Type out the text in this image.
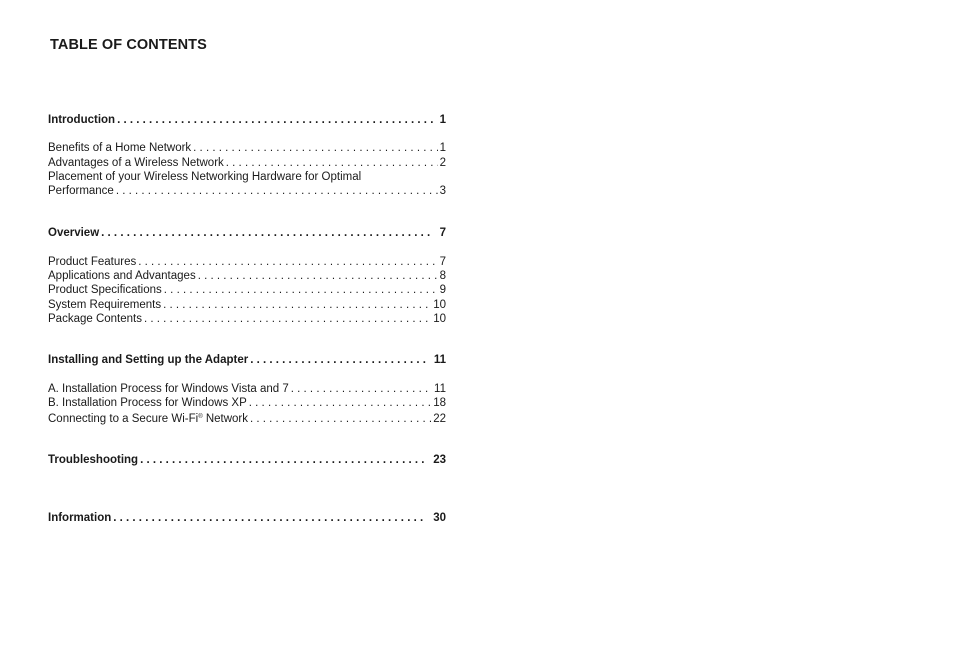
TABLE OF CONTENTS
Introduction . . .	1
Benefits of a Home Network . . .	1
Advantages of a Wireless Network . . .	2
Placement of your Wireless Networking Hardware for Optimal
Performance . . .	3
Overview . . .	7
Product Features . . .	7
Applications and Advantages . . .	8
Product Specifications . . .	9
System Requirements . . .	10
Package Contents . . .	10
Installing and Setting up the Adapter . . .	11
A. Installation Process for Windows Vista and 7 . . .	11
B. Installation Process for Windows XP . . .	18
Connecting to a Secure Wi-Fi® Network . . .	22
Troubleshooting . . .	23
Information . . .	30
